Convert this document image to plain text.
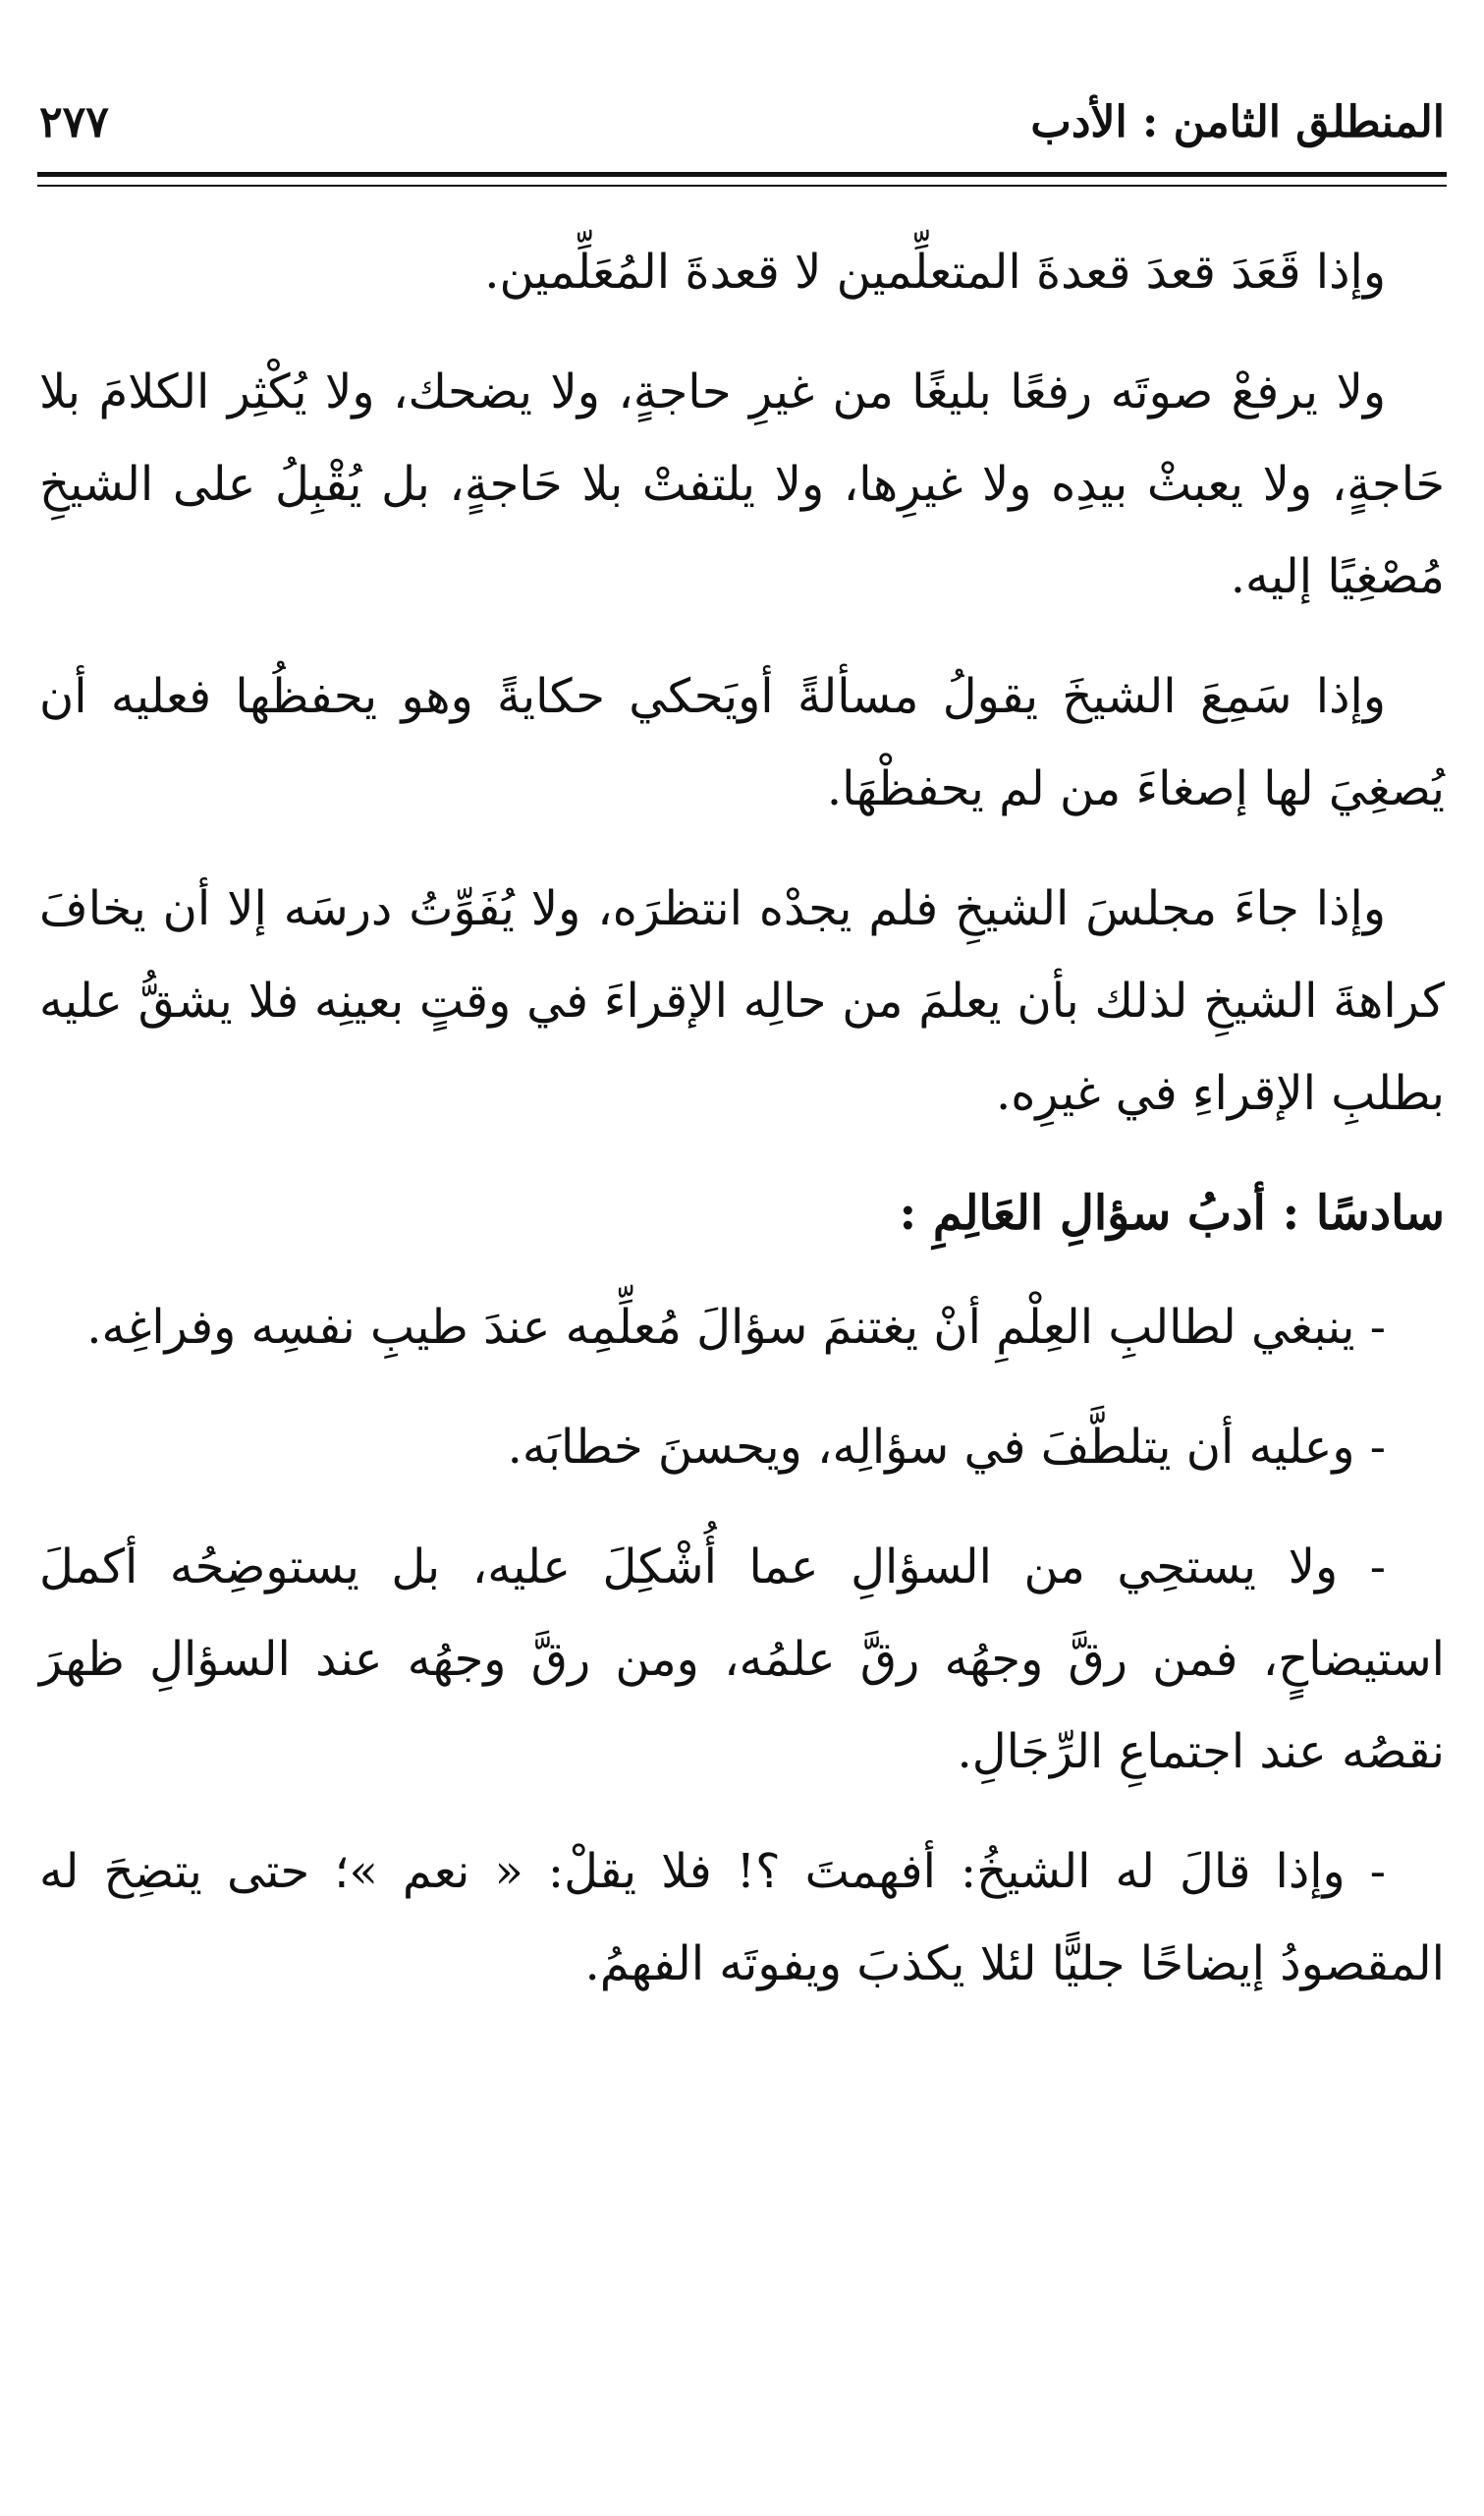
المنطلق الثامن : الأدب
٢٧٧

وإذا قَعَدَ قعدَ قعدةَ المتعلِّمين لا قعدةَ المُعَلِّمين.

ولا يرفعْ صوتَه رفعًا بليغًا من غيرِ حاجةٍ، ولا يضحك، ولا يُكْثِر الكلامَ بلا حَاجةٍ، ولا يعبثْ بيدِه ولا غيرِها، ولا يلتفتْ بلا حَاجةٍ، بل يُقْبِلُ على الشيخِ مُصْغِيًا إليه.

وإذا سَمِعَ الشيخَ يقولُ مسألةً أويَحكي حكايةً وهو يحفظُها فعليه أن يُصغِيَ لها إصغاءَ من لم يحفظْهَا.

وإذا جاءَ مجلسَ الشيخِ فلم يجدْه انتظرَه، ولا يُفَوِّتُ درسَه إلا أن يخافَ كراهةَ الشيخِ لذلك بأن يعلمَ من حالِه الإقراءَ في وقتٍ بعينِه فلا يشقُّ عليه بطلبِ الإقراءِ في غيرِه.

سادسًا : أدبُ سؤالِ العَالِمِ :

- ينبغي لطالبِ العِلْمِ أنْ يغتنمَ سؤالَ مُعلِّمِه عندَ طيبِ نفسِه وفراغِه.

- وعليه أن يتلطَّفَ في سؤالِه، ويحسنَ خطابَه.

- ولا يستحِي من السؤالِ عما أُشْكِلَ عليه، بل يستوضِحُه أكملَ استيضاحٍ، فمن رقَّ وجهُه رقَّ علمُه، ومن رقَّ وجهُه عند السؤالِ ظهرَ نقصُه عند اجتماعِ الرِّجَالِ.

- وإذا قالَ له الشيخُ: أفهمتَ ؟! فلا يقلْ: « نعم »؛ حتى يتضِحَ له المقصودُ إيضاحًا جليًّا لئلا يكذبَ ويفوتَه الفهمُ.
